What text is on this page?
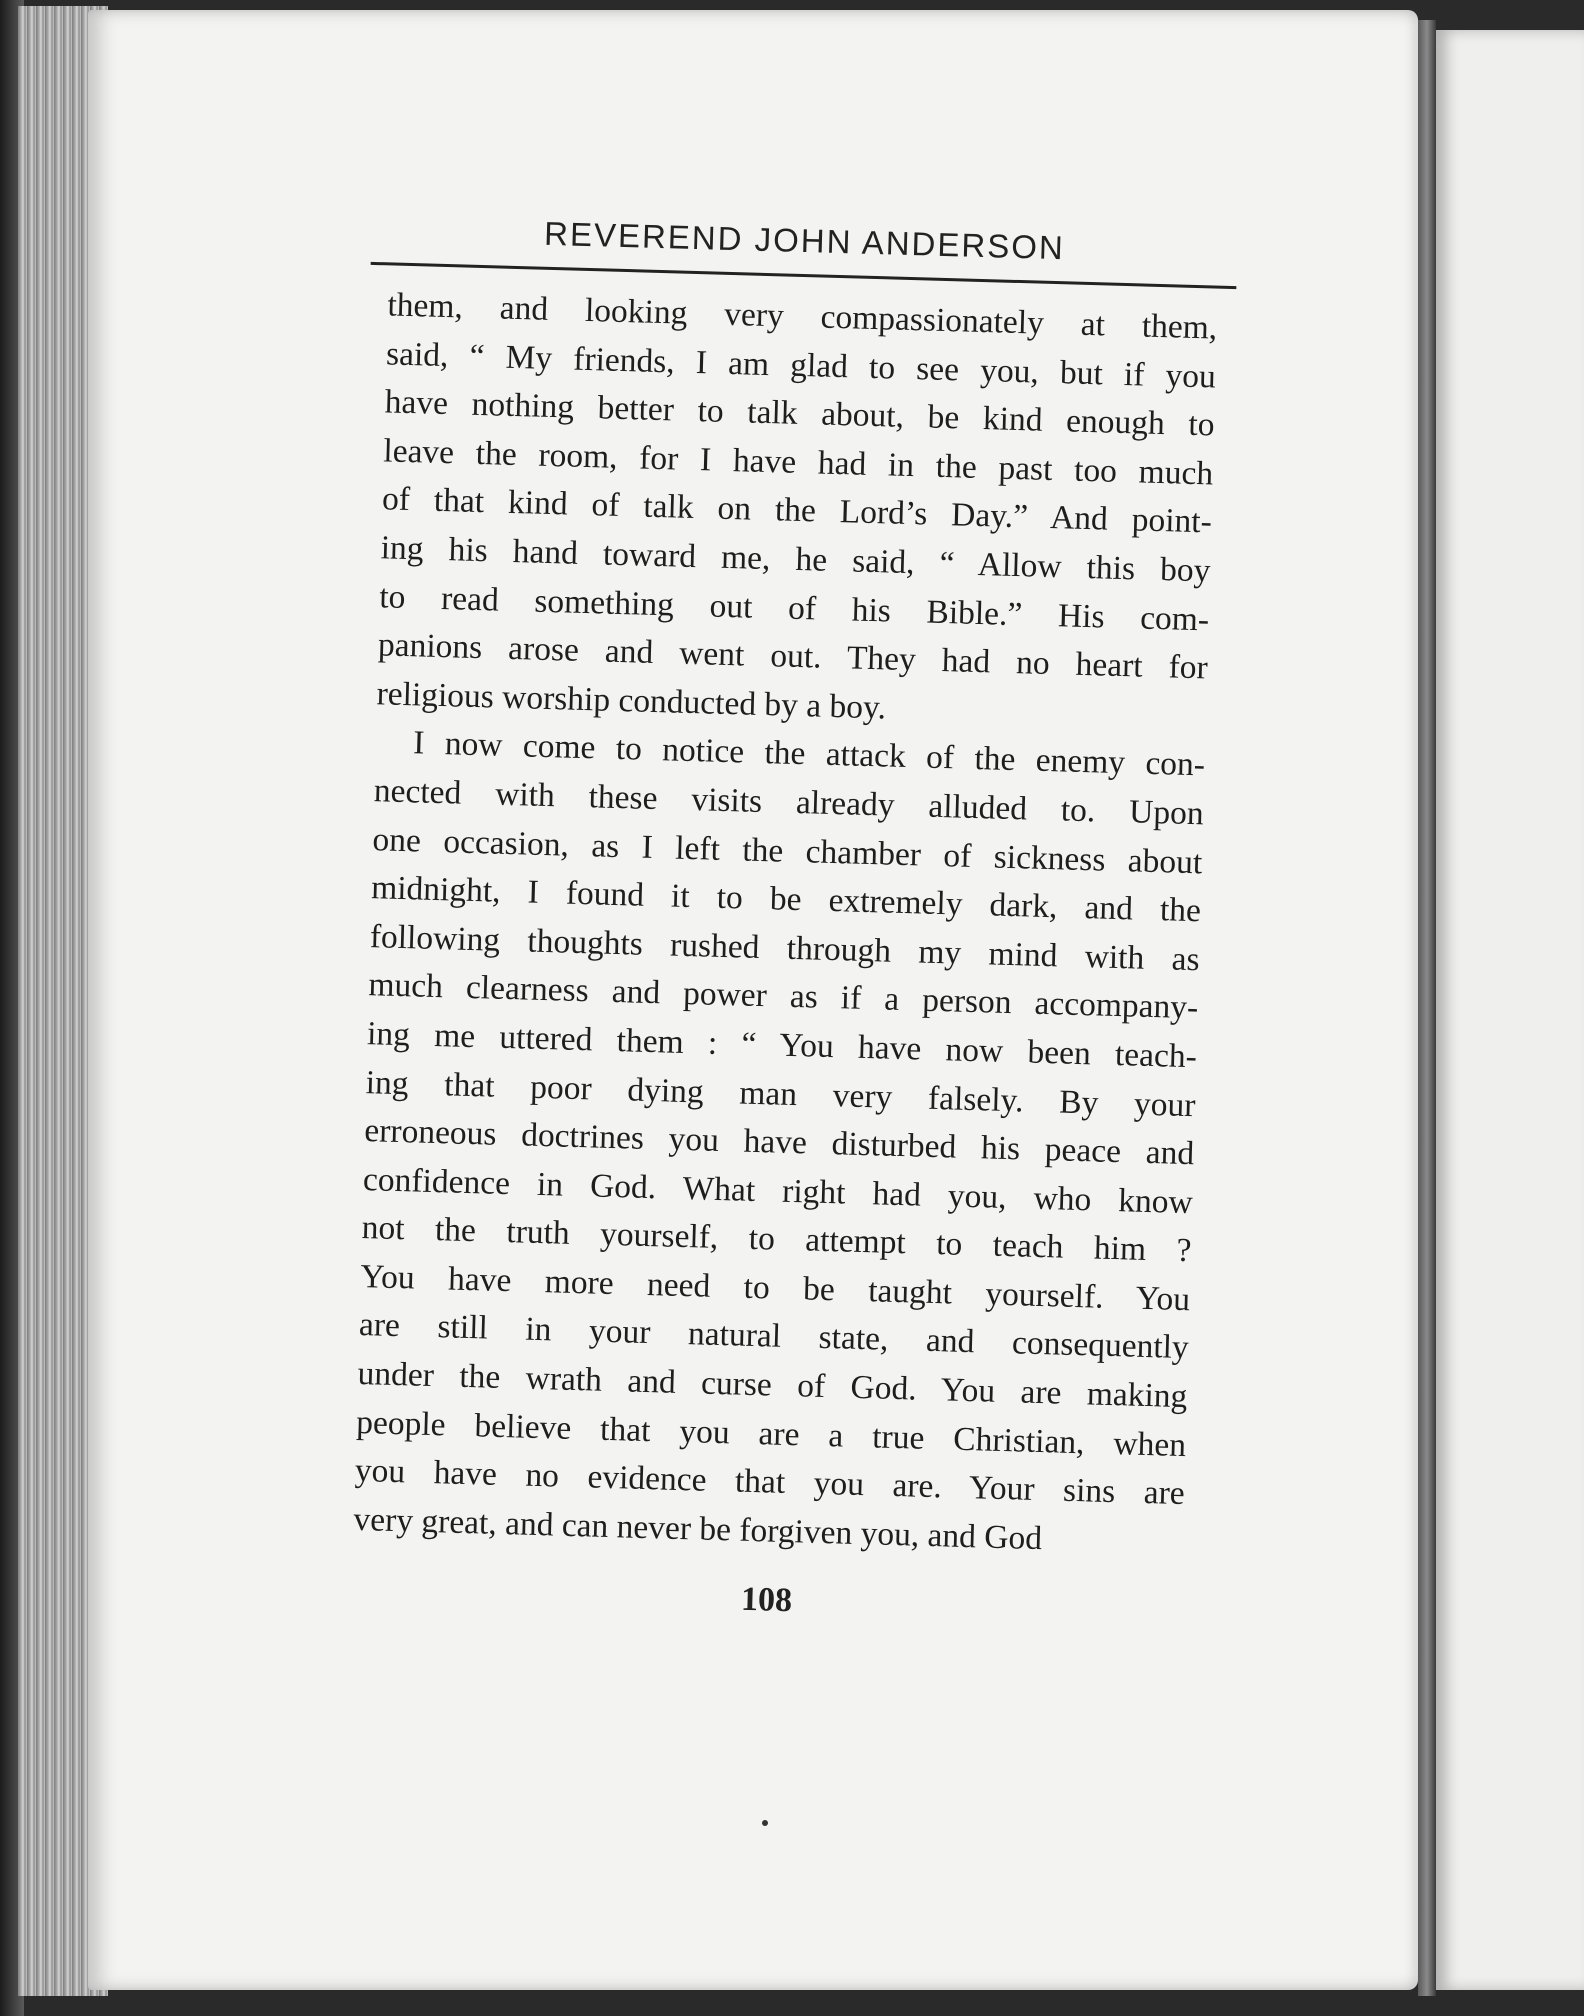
REVEREND JOHN ANDERSON

them, and looking very compassionately at them,
said, “ My friends, I am glad to see you, but if you
have nothing better to talk about, be kind enough to
leave the room, for I have had in the past too much
of that kind of talk on the Lord’s Day.” And point-
ing his hand toward me, he said, “ Allow this boy
to read something out of his Bible.” His com-
panions arose and went out. They had no heart for
religious worship conducted by a boy.

I now come to notice the attack of the enemy con-
nected with these visits already alluded to. Upon
one occasion, as I left the chamber of sickness about
midnight, I found it to be extremely dark, and the
following thoughts rushed through my mind with as
much clearness and power as if a person accompany-
ing me uttered them : “ You have now been teach-
ing that poor dying man very falsely. By your
erroneous doctrines you have disturbed his peace and
confidence in God. What right had you, who know
not the truth yourself, to attempt to teach him ?
You have more need to be taught yourself. You
are still in your natural state, and consequently
under the wrath and curse of God. You are making
people believe that you are a true Christian, when
you have no evidence that you are. Your sins are
very great, and can never be forgiven you, and God

108
